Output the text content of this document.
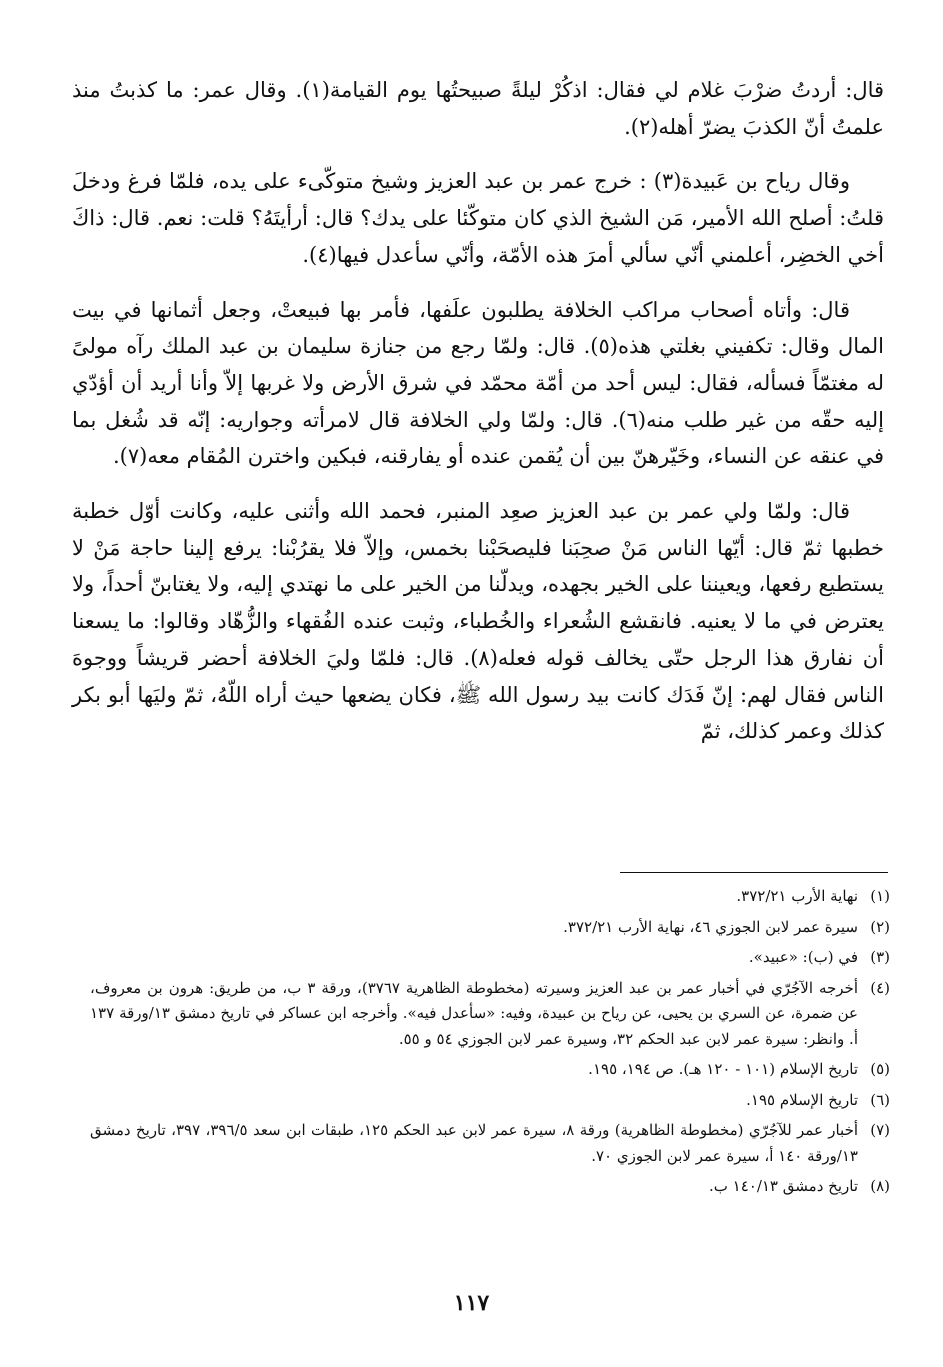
قال: أردتُ ضرْبَ غلام لي فقال: اذكُرْ ليلةً صبيحتُها يوم القيامة(١). وقال عمر: ما كذبتُ منذ علمتُ أنّ الكذبَ يضرّ أهله(٢).

وقال رياح بن عَبيدة(٣) : خرج عمر بن عبد العزيز وشيخ متوكّىء على يده، فلمّا فرغ ودخلَ قلتُ: أصلح الله الأمير، مَن الشيخ الذي كان متوكّئا على يدك؟ قال: أرأيتَهُ؟ قلت: نعم. قال: ذاكَ أخي الخضِر، أعلمني أنّي سألي أمرَ هذه الأمّة، وأنّي سأعدل فيها(٤).

قال: وأتاه أصحاب مراكب الخلافة يطلبون علَفها، فأمر بها فبيعتْ، وجعل أثمانها في بيت المال وقال: تكفيني بغلتي هذه(٥). قال: ولمّا رجع من جنازة سليمان بن عبد الملك رآه مولىً له مغتمّاً فسأله، فقال: ليس أحد من أمّة محمّد في شرق الأرض ولا غربها إلاّ وأنا أريد أن أؤدّي إليه حقّه من غير طلب منه(٦). قال: ولمّا ولي الخلافة قال لامرأته وجواريه: إنّه قد شُغل بما في عنقه عن النساء، وخَيّرهنّ بين أن يُقمن عنده أو يفارقنه، فبكين واخترن المُقام معه(٧).

قال: ولمّا ولي عمر بن عبد العزيز صعِد المنبر، فحمد الله وأثنى عليه، وكانت أوّل خطبة خطبها ثمّ قال: أيّها الناس مَنْ صحِبَنا فليصحَبْنا بخمس، وإلاّ فلا يقرُبْنا: يرفع إلينا حاجة مَنْ لا يستطيع رفعها، ويعيننا على الخير بجهده، ويدلّنا من الخير على ما نهتدي إليه، ولا يغتابنّ أحداً، ولا يعترض في ما لا يعنيه. فانقشع الشُعراء والخُطباء، وثبت عنده الفُقهاء والزُّهّاد وقالوا: ما يسعنا أن نفارق هذا الرجل حتّى يخالف قوله فعله(٨). قال: فلمّا وليَ الخلافة أحضر قريشاً ووجوهَ الناس فقال لهم: إنّ فَدَك كانت بيد رسول الله ﷺ، فكان يضعها حيث أراه اللّهُ، ثمّ وليَها أبو بكر كذلك وعمر كذلك، ثمّ

(١)
نهاية الأرب ٣٧٢/٢١.
(٢)
سيرة عمر لابن الجوزي ٤٦، نهاية الأرب ٣٧٢/٢١.
(٣)
في (ب): «عبيد».
(٤)
أخرجه الآجُرّي في أخبار عمر بن عبد العزيز وسيرته (مخطوطة الظاهرية ٣٧٦٧)، ورقة ٣ ب، من طريق: هرون بن معروف، عن ضمرة، عن السري بن يحيى، عن رياح بن عبيدة، وفيه: «سأعدل فيه». وأخرجه ابن عساكر في تاريخ دمشق ١٣/ورقة ١٣٧ أ. وانظر: سيرة عمر لابن عبد الحكم ٣٢، وسيرة عمر لابن الجوزي ٥٤ و ٥٥.
(٥)
تاريخ الإسلام (١٠١ - ١٢٠ هـ). ص ١٩٤، ١٩٥.
(٦)
تاريخ الإسلام ١٩٥.
(٧)
أخبار عمر للآجُرّي (مخطوطة الظاهرية) ورقة ٨، سيرة عمر لابن عبد الحكم ١٢٥، طبقات ابن سعد ٣٩٦/٥، ٣٩٧، تاريخ دمشق ١٣/ورقة ١٤٠ أ، سيرة عمر لابن الجوزي ٧٠.
(٨)
تاريخ دمشق ١٤٠/١٣ ب.
١١٧
